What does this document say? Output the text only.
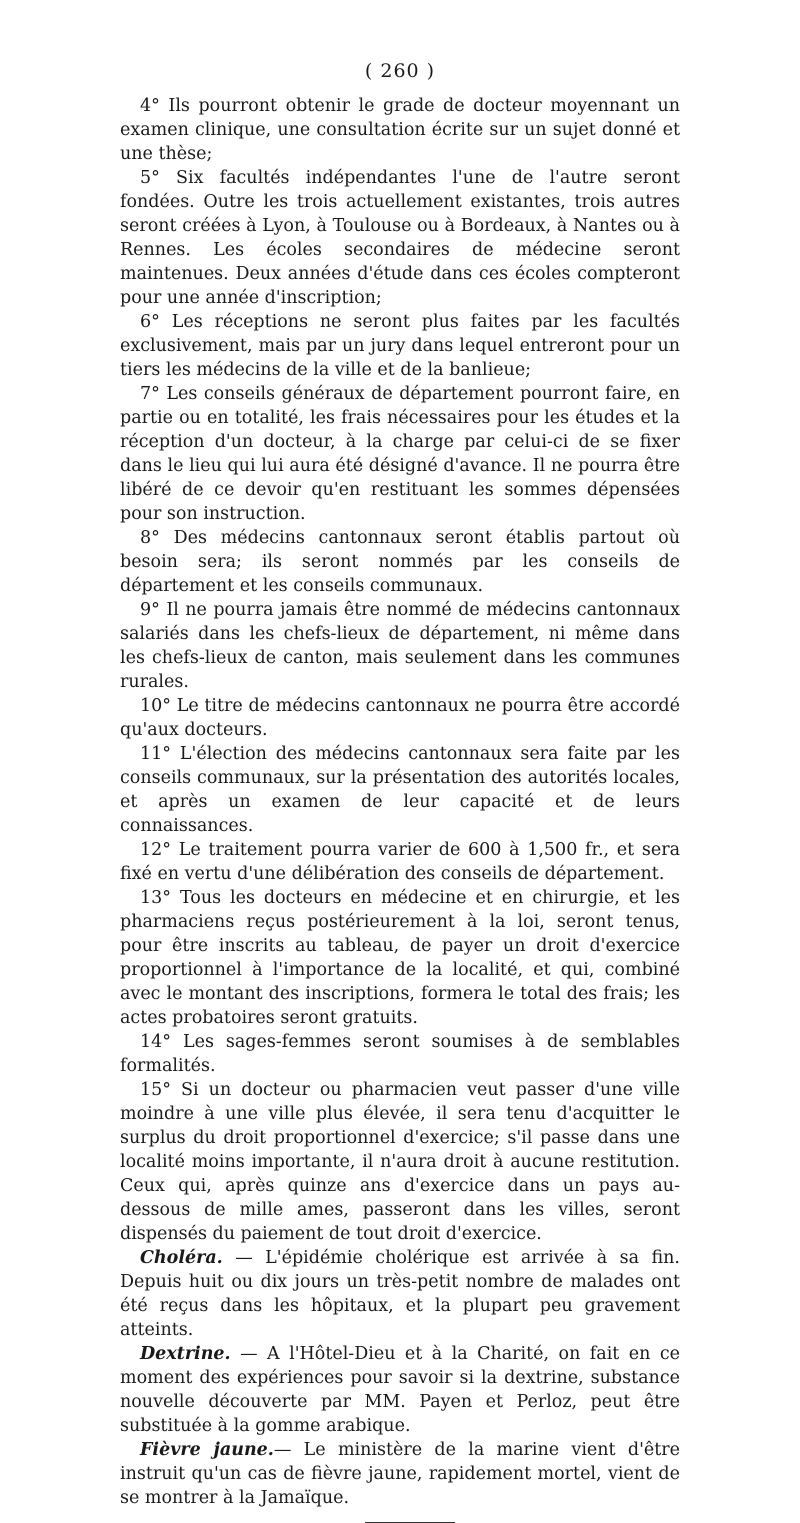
( 260 )

4° Ils pourront obtenir le grade de docteur moyennant un examen clinique, une consultation écrite sur un sujet donné et une thèse;

5° Six facultés indépendantes l'une de l'autre seront fondées. Outre les trois actuellement existantes, trois autres seront créées à Lyon, à Toulouse ou à Bordeaux, à Nantes ou à Rennes. Les écoles secondaires de médecine seront maintenues. Deux années d'étude dans ces écoles compteront pour une année d'inscription;

6° Les réceptions ne seront plus faites par les facultés exclusivement, mais par un jury dans lequel entreront pour un tiers les médecins de la ville et de la banlieue;

7° Les conseils généraux de département pourront faire, en partie ou en totalité, les frais nécessaires pour les études et la réception d'un docteur, à la charge par celui-ci de se fixer dans le lieu qui lui aura été désigné d'avance. Il ne pourra être libéré de ce devoir qu'en restituant les sommes dépensées pour son instruction.

8° Des médecins cantonnaux seront établis partout où besoin sera; ils seront nommés par les conseils de département et les conseils communaux.

9° Il ne pourra jamais être nommé de médecins cantonnaux salariés dans les chefs-lieux de département, ni même dans les chefs-lieux de canton, mais seulement dans les communes rurales.

10° Le titre de médecins cantonnaux ne pourra être accordé qu'aux docteurs.

11° L'élection des médecins cantonnaux sera faite par les conseils communaux, sur la présentation des autorités locales, et après un examen de leur capacité et de leurs connaissances.

12° Le traitement pourra varier de 600 à 1,500 fr., et sera fixé en vertu d'une délibération des conseils de département.

13° Tous les docteurs en médecine et en chirurgie, et les pharmaciens reçus postérieurement à la loi, seront tenus, pour être inscrits au tableau, de payer un droit d'exercice proportionnel à l'importance de la localité, et qui, combiné avec le montant des inscriptions, formera le total des frais; les actes probatoires seront gratuits.

14° Les sages-femmes seront soumises à de semblables formalités.

15° Si un docteur ou pharmacien veut passer d'une ville moindre à une ville plus élevée, il sera tenu d'acquitter le surplus du droit proportionnel d'exercice; s'il passe dans une localité moins importante, il n'aura droit à aucune restitution. Ceux qui, après quinze ans d'exercice dans un pays au-dessous de mille ames, passeront dans les villes, seront dispensés du paiement de tout droit d'exercice.

Choléra. — L'épidémie cholérique est arrivée à sa fin. Depuis huit ou dix jours un très-petit nombre de malades ont été reçus dans les hôpitaux, et la plupart peu gravement atteints.

Dextrine. — A l'Hôtel-Dieu et à la Charité, on fait en ce moment des expériences pour savoir si la dextrine, substance nouvelle découverte par MM. Payen et Perloz, peut être substituée à la gomme arabique.

Fièvre jaune.— Le ministère de la marine vient d'être instruit qu'un cas de fièvre jaune, rapidement mortel, vient de se montrer à la Jamaïque.
